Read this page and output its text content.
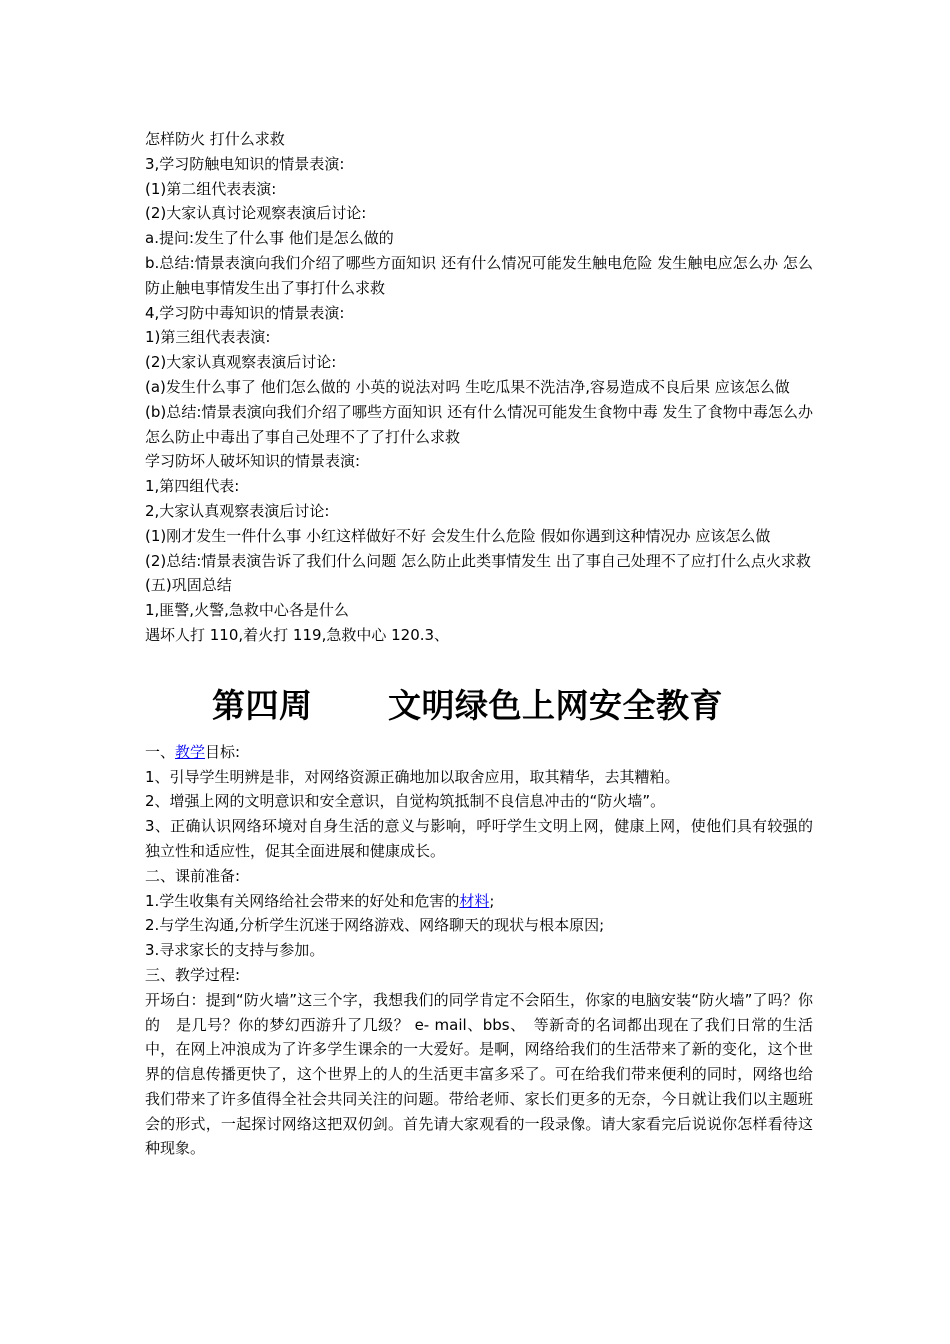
怎样防火 打什么求救

3,学习防触电知识的情景表演:

(1)第二组代表表演:

(2)大家认真讨论观察表演后讨论:

a.提问:发生了什么事 他们是怎么做的

b.总结:情景表演向我们介绍了哪些方面知识 还有什么情况可能发生触电危险 发生触电应怎么办 怎么防止触电事情发生出了事打什么求救

4,学习防中毒知识的情景表演:

1)第三组代表表演:

(2)大家认真观察表演后讨论:

(a)发生什么事了 他们怎么做的 小英的说法对吗 生吃瓜果不洗洁净,容易造成不良后果 应该怎么做

(b)总结:情景表演向我们介绍了哪些方面知识 还有什么情况可能发生食物中毒 发生了食物中毒怎么办 怎么防止中毒出了事自己处理不了了打什么求救

学习防坏人破坏知识的情景表演:

1,第四组代表:

2,大家认真观察表演后讨论:

(1)刚才发生一件什么事 小红这样做好不好 会发生什么危险 假如你遇到这种情况办 应该怎么做

(2)总结:情景表演告诉了我们什么问题 怎么防止此类事情发生 出了事自己处理不了应打什么点火求救

(五)巩固总结

1,匪警,火警,急救中心各是什么

遇坏人打 110,着火打 119,急救中心 120.3、

第四周 文明绿色上网安全教育

一、教学目标:

1、引导学生明辨是非，对网络资源正确地加以取舍应用，取其精华，去其糟粕。

2、增强上网的文明意识和安全意识，自觉构筑抵制不良信息冲击的“防火墙”。

3、正确认识网络环境对自身生活的意义与影响，呼吁学生文明上网，健康上网，使他们具有较强的独立性和适应性，促其全面进展和健康成长。

二、课前准备:

1.学生收集有关网络给社会带来的好处和危害的材料;

2.与学生沟通,分析学生沉迷于网络游戏、网络聊天的现状与根本原因;

3.寻求家长的支持与参加。

三、教学过程:

开场白：提到“防火墙”这三个字，我想我们的同学肯定不会陌生，你家的电脑安装“防火墙”了吗？你的　是几号？你的梦幻西游升了几级？ e- mail、bbs、　等新奇的名词都出现在了我们日常的生活中，在网上冲浪成为了许多学生课余的一大爱好。是啊，网络给我们的生活带来了新的变化，这个世界的信息传播更快了，这个世界上的人的生活更丰富多采了。可在给我们带来便利的同时，网络也给我们带来了许多值得全社会共同关注的问题。带给老师、家长们更多的无奈，今日就让我们以主题班会的形式，一起探讨网络这把双仞剑。首先请大家观看的一段录像。请大家看完后说说你怎样看待这种现象。
